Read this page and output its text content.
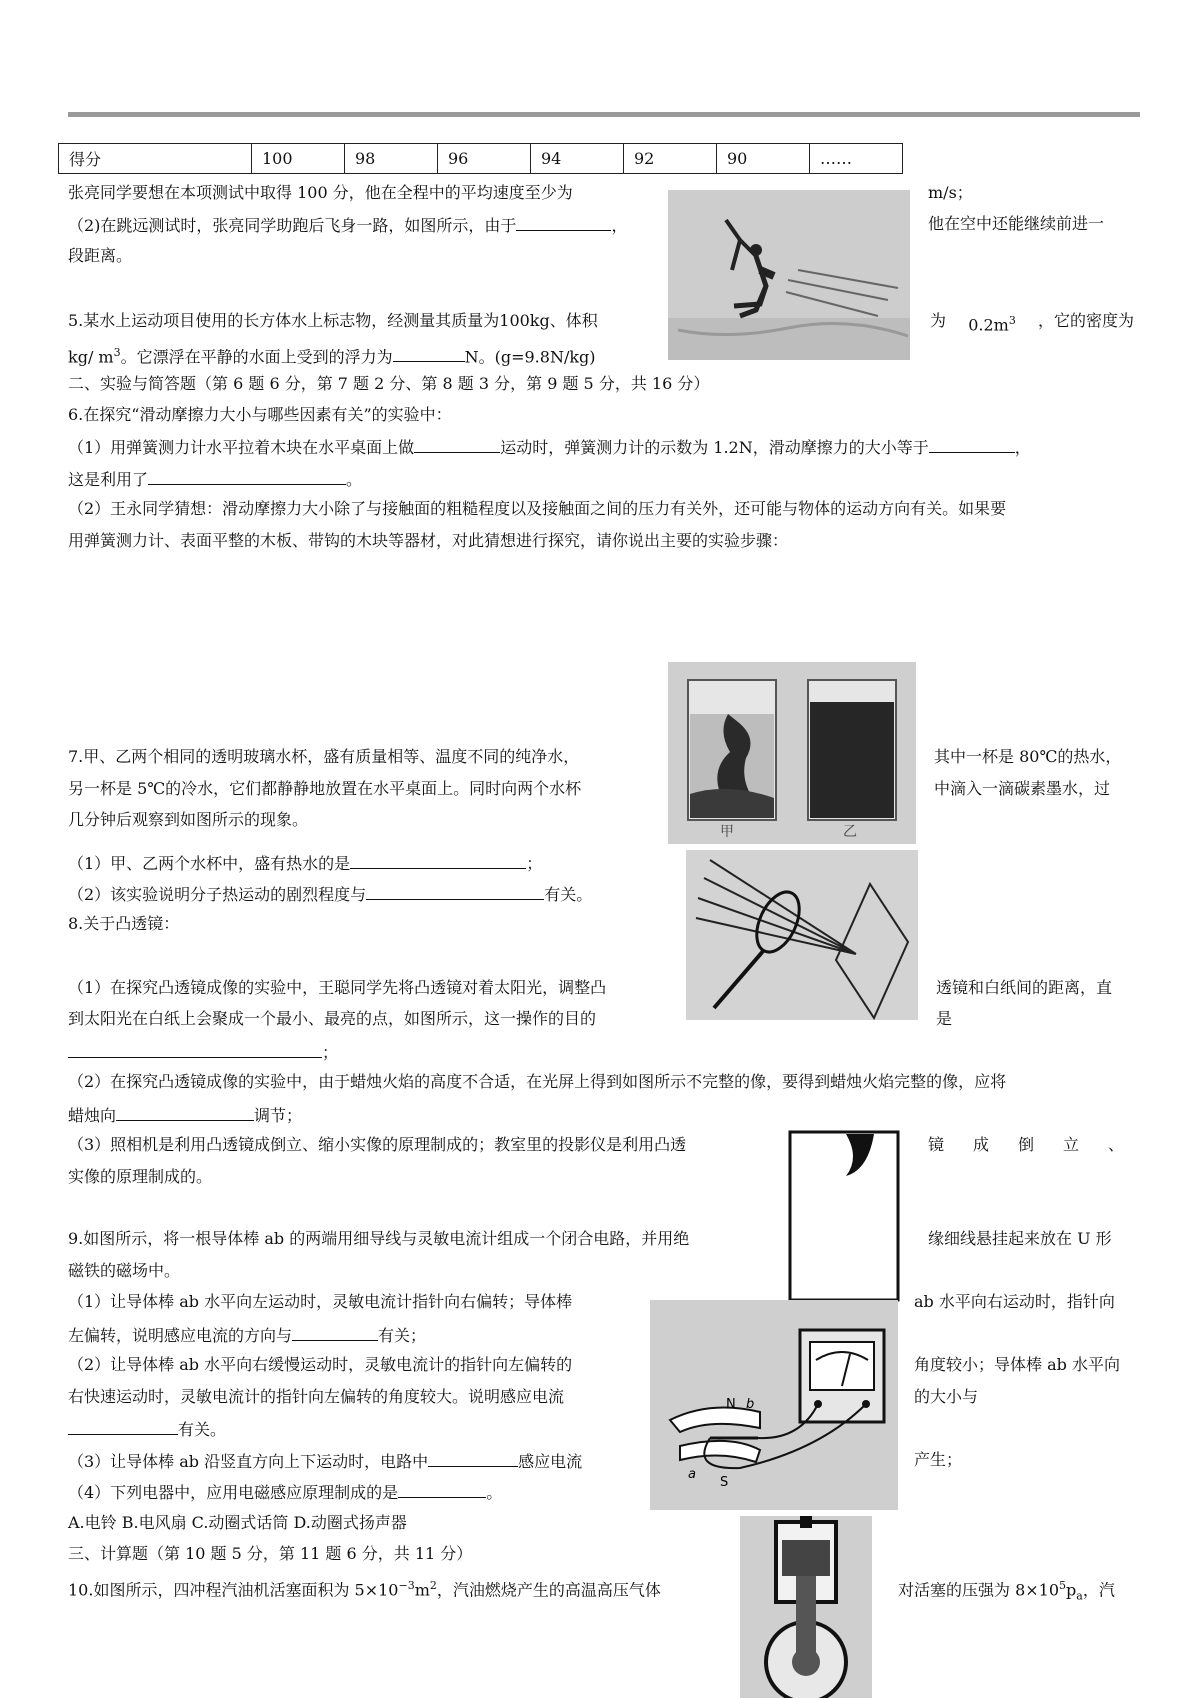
得分	100	98	96	94	92	90	……
张亮同学要想在本项测试中取得 100 分，他在全程中的平均速度至少为	m/s；
（2)在跳远测试时，张亮同学助跑后飞身一路，如图所示，由于	，	他在空中还能继续前进一
段距离。
5.某水上运动项目使用的长方体水上标志物，经测量其质量为100kg、体积	为 $0.2m^3$ ，它的密度为
kg/ $m^3$。它漂浮在平静的水面上受到的浮力为	N。(g=9.8N/kg)
二、实验与简答题（第 6 题 6 分，第 7 题 2 分、第 8 题 3 分，第 9 题 5 分，共 16 分）
6.在探究“滑动摩擦力大小与哪些因素有关”的实验中：
（1）用弹簧测力计水平拉着木块在水平桌面上做	运动时，弹簧测力计的示数为 1.2N，滑动摩擦力的大小等于	，
这是利用了	。
（2）王永同学猜想：滑动摩擦力大小除了与接触面的粗糙程度以及接触面之间的压力有关外，还可能与物体的运动方向有关。如果要
用弹簧测力计、表面平整的木板、带钩的木块等器材，对此猜想进行探究，请你说出主要的实验步骤：
甲	乙
7.甲、乙两个相同的透明玻璃水杯，盛有质量相等、温度不同的纯净水，	其中一杯是 80℃的热水，
另一杯是 5℃的冷水，它们都静静地放置在水平桌面上。同时向两个水杯	中滴入一滴碳素墨水，过
几分钟后观察到如图所示的现象。
（1）甲、乙两个水杯中，盛有热水的是	；
（2）该实验说明分子热运动的剧烈程度与	有关。
8.关于凸透镜：
（1）在探究凸透镜成像的实验中，王聪同学先将凸透镜对着太阳光，调整凸	透镜和白纸间的距离，直
到太阳光在白纸上会聚成一个最小、最亮的点，如图所示，这一操作的目的	是
；
（2）在探究凸透镜成像的实验中，由于蜡烛火焰的高度不合适，在光屏上得到如图所示不完整的像，要得到蜡烛火焰完整的像，应将
蜡烛向	调节；
（3）照相机是利用凸透镜成倒立、缩小实像的原理制成的；教室里的投影仪是利用凸透	镜 成 倒 立 、
实像的原理制成的。
9.如图所示，将一根导体棒 ab 的两端用细导线与灵敏电流计组成一个闭合电路，并用绝	缘细线悬挂起来放在 U 形
磁铁的磁场中。
N b
a
S
（1）让导体棒 ab 水平向左运动时，灵敏电流计指针向右偏转；导体棒	ab 水平向右运动时，指针向
左偏转，说明感应电流的方向与	有关；
（2）让导体棒 ab 水平向右缓慢运动时，灵敏电流计的指针向左偏转的	角度较小；导体棒 ab 水平向
右快速运动时，灵敏电流计的指针向左偏转的角度较大。说明感应电流	的大小与
有关。
（3）让导体棒 ab 沿竖直方向上下运动时，电路中	感应电流	产生；
（4）下列电器中，应用电磁感应原理制成的是	。
A.电铃 B.电风扇 C.动圈式话筒 D.动圈式扬声器
三、计算题（第 10 题 5 分，第 11 题 6 分，共 11 分）
10.如图所示，四冲程汽油机活塞面积为 $5\times 10^{-3}m^2$，汽油燃烧产生的高温高压气体	对活塞的压强为 $8\times 10^5p_a$，汽
